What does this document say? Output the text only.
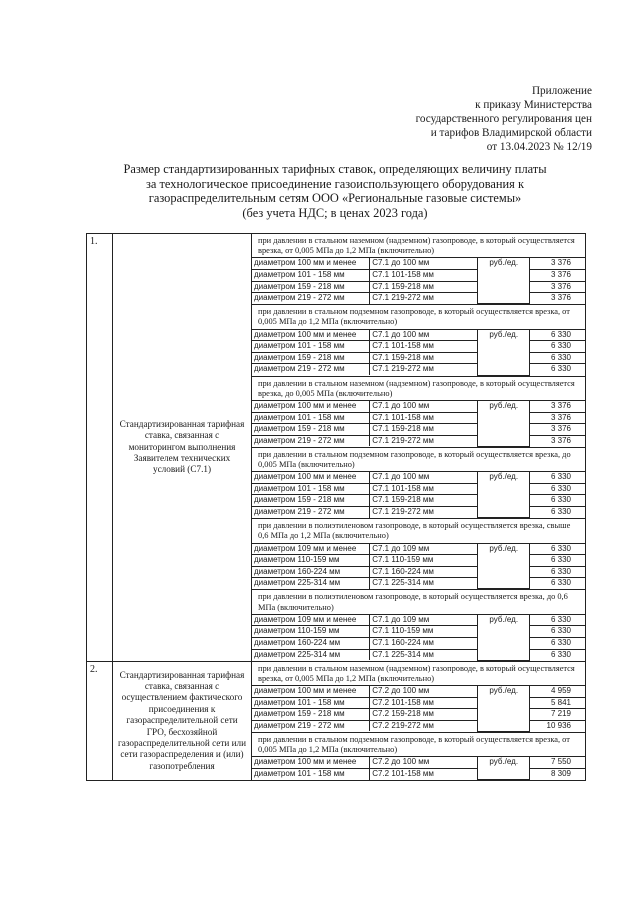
Приложение
к приказу Министерства
государственного регулирования цен
и тарифов Владимирской области
от 13.04.2023 № 12/19
Размер стандартизированных тарифных ставок, определяющих величину платы
за технологическое присоединение газоиспользующего оборудования к
газораспределительным сетям ООО «Региональные газовые системы»
(без учета НДС; в ценах 2023 года)
1.	Стандартизированная тарифная ставка, связанная с мониторингом выполнения Заявителем технических условий (С7.1)	
при давлении в стальном наземном (надземном) газопроводе, в который осуществляется врезка, от 0,005 МПа до 1,2 МПа (включительно)
диаметром 100 мм и менее	С7.1 до 100 мм	руб./ед.	3 376
диаметром 101 - 158 мм	С7.1 101-158 мм	3 376
диаметром 159 - 218 мм	С7.1 159-218 мм	3 376
диаметром 219 - 272 мм	С7.1 219-272 мм	3 376

при давлении в стальном подземном газопроводе, в который осуществляется врезка, от 0,005 МПа до 1,2 МПа (включительно)
диаметром 100 мм и менее	С7.1 до 100 мм	руб./ед.	6 330
диаметром 101 - 158 мм	С7.1 101-158 мм	6 330
диаметром 159 - 218 мм	С7.1 159-218 мм	6 330
диаметром 219 - 272 мм	С7.1 219-272 мм	6 330

при давлении в стальном наземном (надземном) газопроводе, в который осуществляется врезка, до 0,005 МПа (включительно)
диаметром 100 мм и менее	С7.1 до 100 мм	руб./ед.	3 376
диаметром 101 - 158 мм	С7.1 101-158 мм	3 376
диаметром 159 - 218 мм	С7.1 159-218 мм	3 376
диаметром 219 - 272 мм	С7.1 219-272 мм	3 376

при давлении в стальном подземном газопроводе, в который осуществляется врезка, до 0,005 МПа (включительно)
диаметром 100 мм и менее	С7.1 до 100 мм	руб./ед.	6 330
диаметром 101 - 158 мм	С7.1 101-158 мм	6 330
диаметром 159 - 218 мм	С7.1 159-218 мм	6 330
диаметром 219 - 272 мм	С7.1 219-272 мм	6 330

при давлении в полиэтиленовом газопроводе, в который осуществляется врезка, свыше 0,6 МПа до 1,2 МПа (включительно)
диаметром 109 мм и менее	С7.1 до 109 мм	руб./ед.	6 330
диаметром 110-159 мм	С7.1 110-159 мм	6 330
диаметром 160-224 мм	С7.1 160-224 мм	6 330
диаметром 225-314 мм	С7.1 225-314 мм	6 330

при давлении в полиэтиленовом газопроводе, в который осуществляется врезка, до 0,6 МПа (включительно)
диаметром 109 мм и менее	С7.1 до 109 мм	руб./ед.	6 330
диаметром 110-159 мм	С7.1 110-159 мм	6 330
диаметром 160-224 мм	С7.1 160-224 мм	6 330
диаметром 225-314 мм	С7.1 225-314 мм	6 330

2.	Стандартизированная тарифная ставка, связанная с осуществлением фактического присоединения к газораспределительной сети ГРО, бесхозяйной газораспределительной сети или сети газораспределения и (или) газопотребления	
при давлении в стальном наземном (надземном) газопроводе, в который осуществляется врезка, от 0,005 МПа до 1,2 МПа (включительно)
диаметром 100 мм и менее	С7.2 до 100 мм	руб./ед.	4 959
диаметром 101 - 158 мм	С7.2 101-158 мм	5 841
диаметром 159 - 218 мм	С7.2 159-218 мм	7 219
диаметром 219 - 272 мм	С7.2 219-272 мм	10 936

при давлении в стальном подземном газопроводе, в который осуществляется врезка, от 0,005 МПа до 1,2 МПа (включительно)
диаметром 100 мм и менее	С7.2 до 100 мм	руб./ед.	7 550
диаметром 101 - 158 мм	С7.2 101-158 мм	8 309
